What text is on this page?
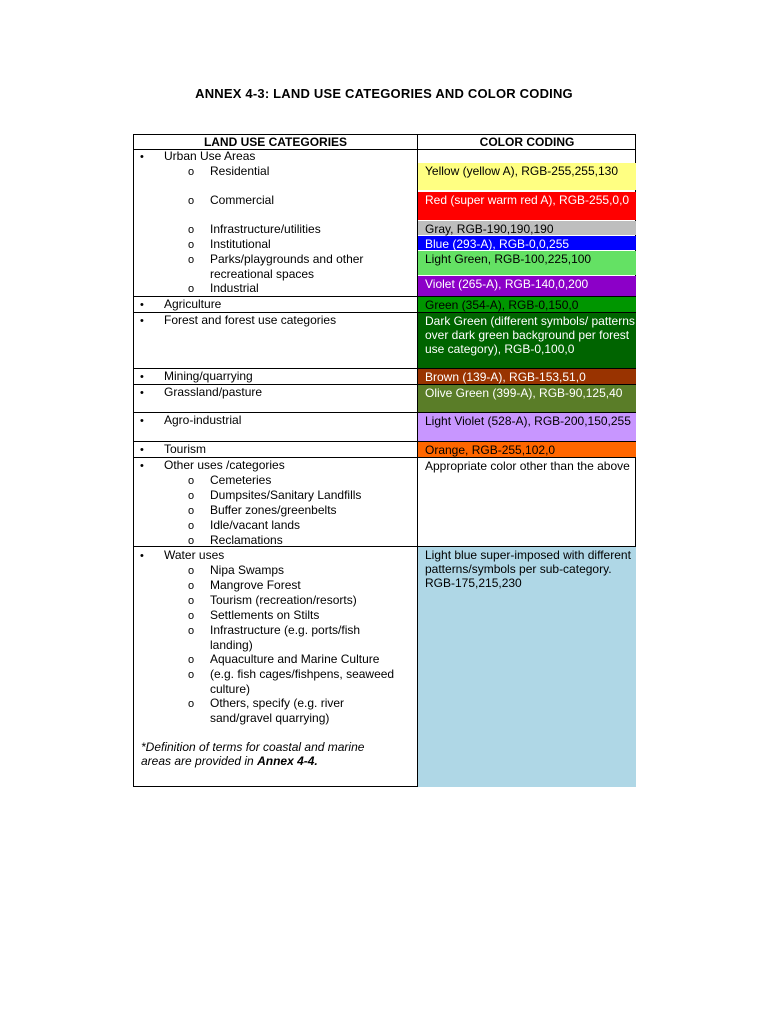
ANNEX 4-3: LAND USE CATEGORIES AND COLOR CODING
LAND USE CATEGORIES	COLOR CODING
Yellow (yellow A), RGB-255,255,130
Red (super warm red A), RGB-255,0,0
Gray, RGB-190,190,190
Blue (293-A), RGB-0,0,255
Light Green, RGB-100,225,100
Violet (265-A), RGB-140,0,200
Green (354-A), RGB-0,150,0
Dark Green (different symbols/ patterns over dark green background per forest use category), RGB-0,100,0
Brown (139-A), RGB-153,51,0
Olive Green (399-A), RGB-90,125,40
Light Violet (528-A), RGB-200,150,255
Orange, RGB-255,102,0
Appropriate color other than the above
Light blue super-imposed with different patterns/symbols per sub-category. RGB-175,215,230
• Urban Use Areas
o Residential
o Commercial
o Infrastructure/utilities
o Institutional
o Parks/playgrounds and other
recreational spaces
o Industrial
• Agriculture
• Forest and forest use categories
• Mining/quarrying
• Grassland/pasture
• Agro-industrial
• Tourism
• Other uses /categories
o Cemeteries
o Dumpsites/Sanitary Landfills
o Buffer zones/greenbelts
o Idle/vacant lands
o Reclamations
• Water uses
o Nipa Swamps
o Mangrove Forest
o Tourism (recreation/resorts)
o Settlements on Stilts
o Infrastructure (e.g. ports/fish
landing)
o Aquaculture and Marine Culture
o (e.g. fish cages/fishpens, seaweed
culture)
o Others, specify (e.g. river
sand/gravel quarrying)
*Definition of terms for coastal and marine
areas are provided in Annex 4-4.
